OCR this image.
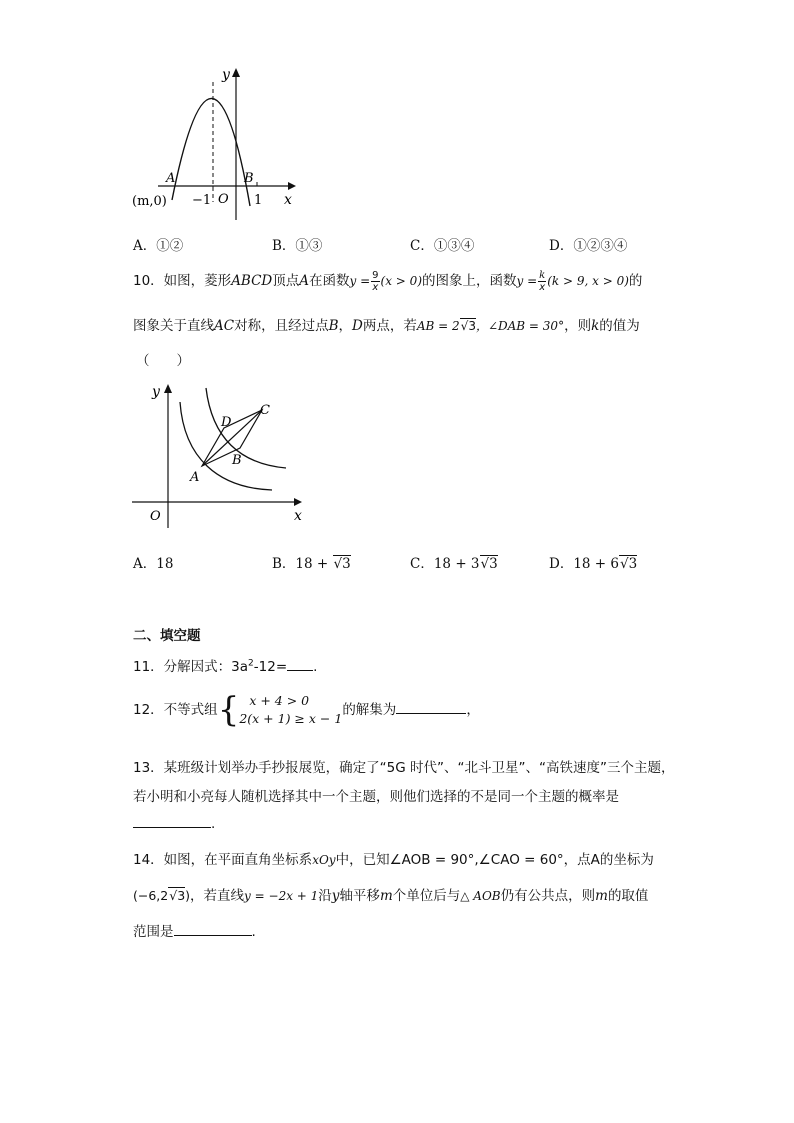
y
x
A	B
O
(m,0) −1	1
A．①②	B．①③	C．①③④	D．①②③④
10．如图，菱形ABCD顶点A在函数$y = \frac{9}{x} (x > 0)$的图象上，函数$y = \frac{k}{x} (k > 9$, x > 0)的
图象关于直线AC对称，且经过点B，D两点，若AB = 2√3，∠DAB = 30°，则k的值为
（　　）
y
x
O
A
B
C
D
A．18	B．18 + √3	C．18 + 3√3	D．18 + 6√3
二、填空题
11．分解因式：$3a^2-12=$ .
12．不等式组{ x + 4 > 0
2(x + 1) ≥ x − 1
的解集为	，
13．某班级计划举办手抄报展览，确定了“5G 时代”、“北斗卫星”、“高铁速度”三个主题，
若小明和小亮每人随机选择其中一个主题，则他们选择的不是同一个主题的概率是
.
14．如图，在平面直角坐标系xOy中，已知∠AOB = 90°,∠CAO = 60°，点A的坐标为
(−6,2√3)，若直线y = −2x + 1沿y轴平移m个单位后与△ AOB仍有公共点，则m的取值
范围是	.
